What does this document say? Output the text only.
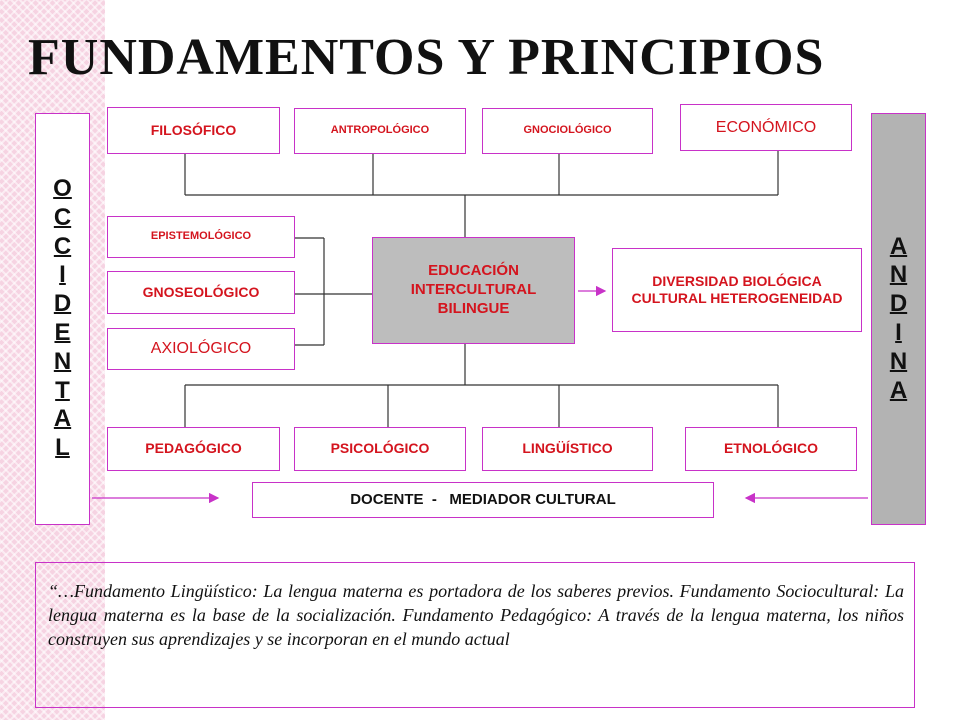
FUNDAMENTOS Y PRINCIPIOS
O
C
C
I
D
E
N
T
A
L
A
N
D
I
N
A
FILOSÓFICO	ANTROPOLÓGICO	GNOCIOLÓGICO	ECONÓMICO
EPISTEMOLÓGICO
GNOSEOLÓGICO
AXIOLÓGICO
EDUCACIÓN INTERCULTURAL BILINGUE
DIVERSIDAD BIOLÓGICA CULTURAL HETEROGENEIDAD
PEDAGÓGICO	PSICOLÓGICO	LINGÜÍSTICO	ETNOLÓGICO
DOCENTE  -   MEDIADOR CULTURAL
“…Fundamento Lingüístico: La lengua materna es portadora de los saberes previos. Fundamento Sociocultural: La lengua materna es la base de la socialización. Fundamento Pedagógico: A través de la lengua materna, los niños construyen sus aprendizajes y se incorporan en el mundo actual
